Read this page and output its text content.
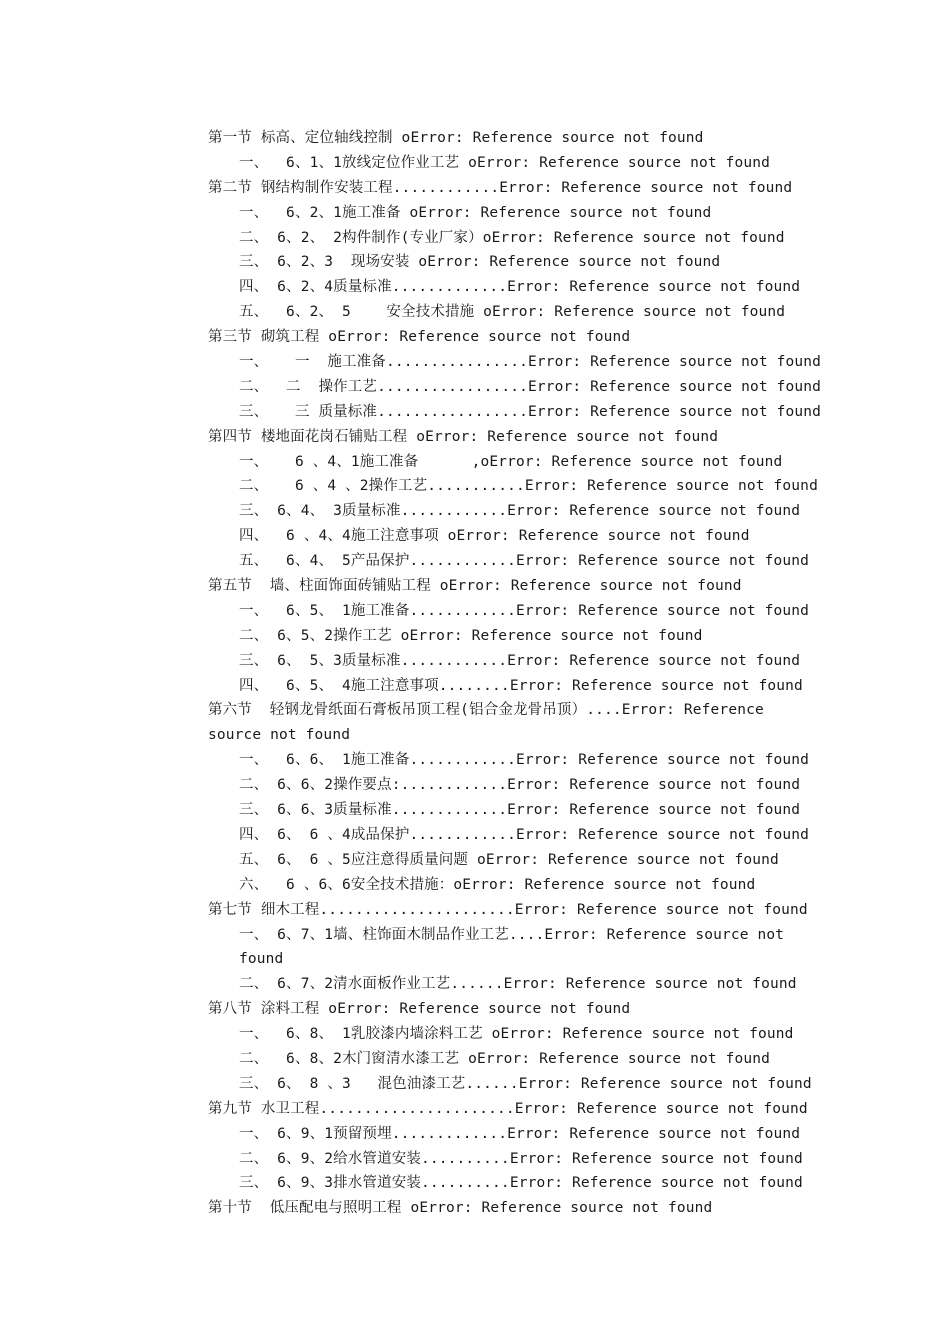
第一节 标高、定位轴线控制 oError: Reference source not found
一、  6、1、1放线定位作业工艺 oError: Reference source not found
第二节 钢结构制作安装工程............Error: Reference source not found
一、  6、2、1施工准备 oError: Reference source not found
二、 6、2、 2构件制作(专业厂家）oError: Reference source not found
三、 6、2、3  现场安装 oError: Reference source not found
四、 6、2、4质量标准.............Error: Reference source not found
五、  6、2、 5    安全技术措施 oError: Reference source not found
第三节 砌筑工程 oError: Reference source not found
一、   一  施工准备................Error: Reference source not found
二、  二  操作工艺.................Error: Reference source not found
三、   三 质量标准.................Error: Reference source not found
第四节 楼地面花岗石铺贴工程 oError: Reference source not found
一、   6 、4、1施工准备      ,oError: Reference source not found
二、   6 、4 、2操作工艺...........Error: Reference source not found
三、 6、4、 3质量标准............Error: Reference source not found
四、  6 、4、4施工注意事项 oError: Reference source not found
五、  6、4、 5产品保护............Error: Reference source not found
第五节  墙、柱面饰面砖铺贴工程 oError: Reference source not found
一、  6、5、 1施工准备............Error: Reference source not found
二、 6、5、2操作工艺 oError: Reference source not found
三、 6、 5、3质量标准............Error: Reference source not found
四、  6、5、 4施工注意事项........Error: Reference source not found
第六节  轻钢龙骨纸面石膏板吊顶工程(铝合金龙骨吊顶）....Error: Reference
source not found
一、  6、6、 1施工准备............Error: Reference source not found
二、 6、6、2操作要点:............Error: Reference source not found
三、 6、6、3质量标准.............Error: Reference source not found
四、 6、 6 、4成品保护............Error: Reference source not found
五、 6、 6 、5应注意得质量问题 oError: Reference source not found
六、  6 、6、6安全技术措施：oError: Reference source not found
第七节 细木工程......................Error: Reference source not found
一、 6、7、1墙、柱饰面木制品作业工艺....Error: Reference source not
found
二、 6、7、2清水面板作业工艺......Error: Reference source not found
第八节 涂料工程 oError: Reference source not found
一、  6、8、 1乳胶漆内墙涂料工艺 oError: Reference source not found
二、  6、8、2木门窗清水漆工艺 oError: Reference source not found
三、 6、 8 、3   混色油漆工艺......Error: Reference source not found
第九节 水卫工程......................Error: Reference source not found
一、 6、9、1预留预埋.............Error: Reference source not found
二、 6、9、2给水管道安装..........Error: Reference source not found
三、 6、9、3排水管道安装..........Error: Reference source not found
第十节  低压配电与照明工程 oError: Reference source not found
